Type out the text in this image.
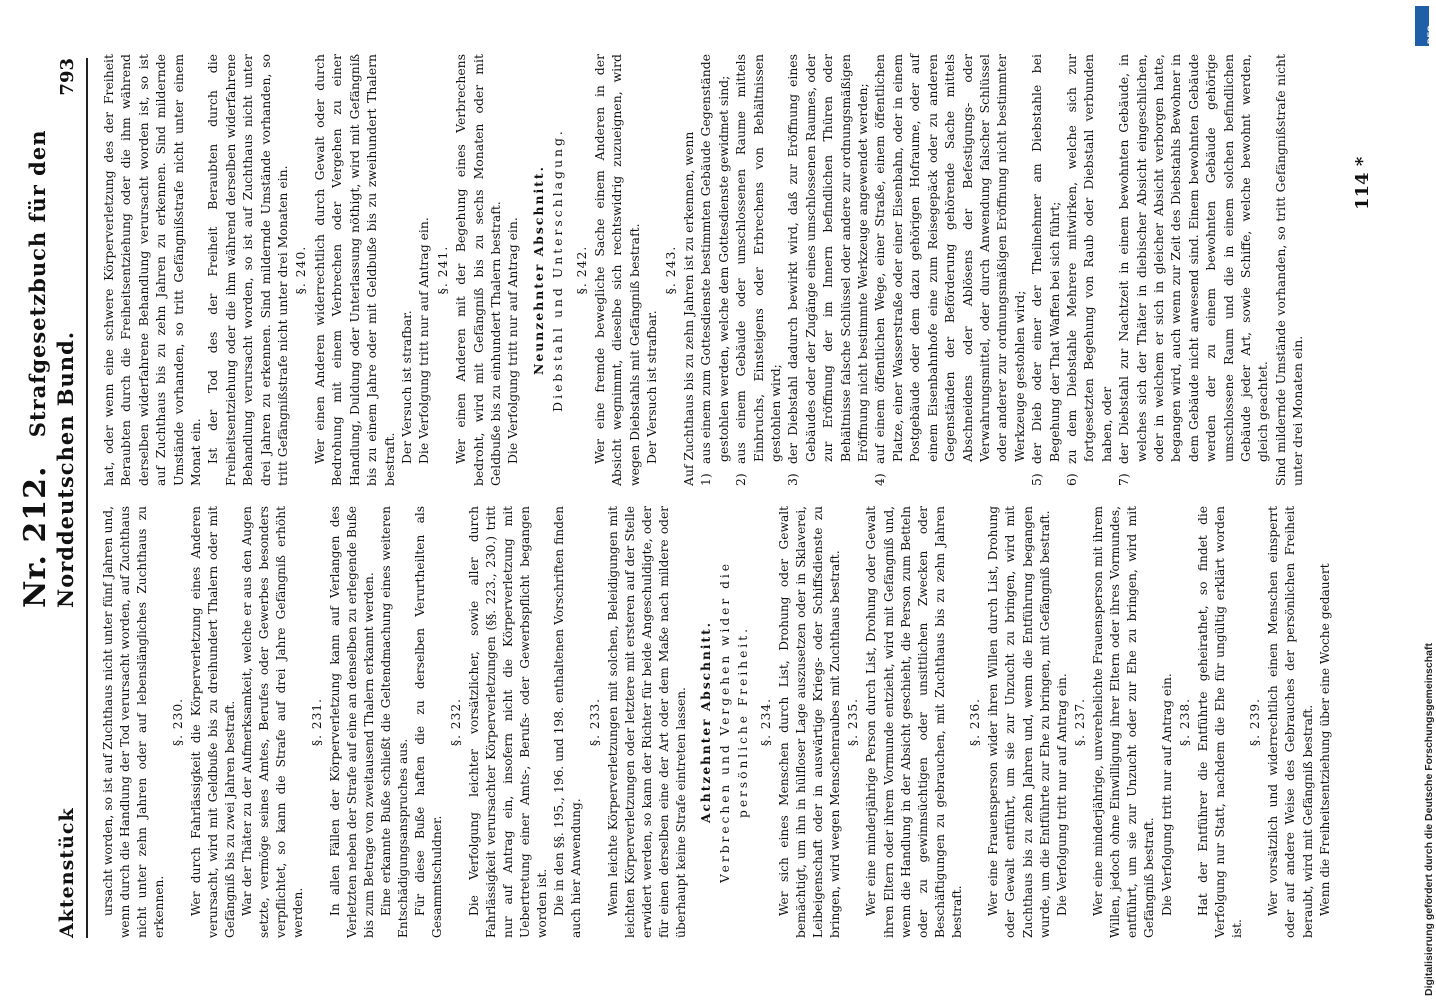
Aktenstück
Nr. 212. Strafgesetzbuch für den Norddeutschen Bund.
793

ursacht worden, so ist auf Zuchthaus nicht unter fünf Jahren und, wenn durch die Handlung der Tod verursacht worden, auf Zuchthaus nicht unter zehn Jahren oder auf lebenslängliches Zuchthaus zu erkennen.

§. 230. Wer durch Fahrlässigkeit die Körperverletzung eines Anderen verursacht, wird mit Geldbuße bis zu dreihundert Thalern oder mit Gefängniß bis zu zwei Jahren bestraft. War der Thäter zu der Aufmerksamkeit, welche er aus den Augen setzte, vermöge seines Amtes, Berufes oder Gewerbes besonders verpflichtet, so kann die Strafe auf drei Jahre Gefängniß erhöht werden.

§. 231. In allen Fällen der Körperverletzung kann auf Verlangen des Verletzten neben der Strafe auf eine an denselben zu erlegende Buße bis zum Betrage von zweitausend Thalern erkannt werden. Eine erkannte Buße schließt die Geltendmachung eines weiteren Entschädigungsanspruches aus. Für diese Buße haften die zu derselben Verurtheilten als Gesammtschuldner.

§. 232. Die Verfolgung leichter vorsätzlicher, sowie aller durch Fahrlässigkeit verursachter Körperverletzungen (§§. 223., 230.) tritt nur auf Antrag ein, insofern nicht die Körperverletzung mit Uebertretung einer Amts-, Berufs- oder Gewerbspflicht begangen worden ist. Die in den §§. 195., 196. und 198. enthaltenen Vorschriften finden auch hier Anwendung.

§. 233. Wenn leichte Körperverletzungen mit solchen, Beleidigungen mit leichten Körperverletzungen oder letztere mit ersteren auf der Stelle erwidert werden, so kann der Richter für beide Angeschuldigte, oder für einen derselben eine der Art oder dem Maße nach mildere oder überhaupt keine Strafe eintreten lassen. Achtzehnter Abschnitt. Verbrechen und Vergehen wider die persönliche Freiheit. §. 234. Wer sich eines Menschen durch List, Drohung oder Gewalt bemächtigt, um ihn in hülfloser Lage auszusetzen oder in Sklaverei, Leibeigenschaft oder in auswärtige Kriegs- oder Schiffsdienste zu bringen, wird wegen Menschenraubes mit Zuchthaus bestraft. §. 235. Wer eine minderjährige Person durch List, Drohung oder Gewalt ihren Eltern oder ihrem Vormunde entzieht, wird mit Gefängniß und, wenn die Handlung in der Absicht geschieht, die Person zum Betteln oder zu gewinnsüchtigen oder unsittlichen Zwecken oder Beschäftigungen zu gebrauchen, mit Zuchthaus bis zu zehn Jahren bestraft.

§. 236. Wer eine Frauensperson wider ihren Willen durch List, Drohung oder Gewalt entführt, um sie zur Unzucht zu bringen, wird mit Zuchthaus bis zu zehn Jahren und, wenn die Entführung begangen wurde, um die Entführte zur Ehe zu bringen, mit Gefängniß bestraft. Die Verfolgung tritt nur auf Antrag ein. §. 237. Wer eine minderjährige, unverehelichte Frauensperson mit ihrem Willen, jedoch ohne Einwilligung ihrer Eltern oder ihres Vormundes, entführt, um sie zur Unzucht oder zur Ehe zu bringen, wird mit Gefängniß bestraft. Die Verfolgung tritt nur auf Antrag ein. §. 238. Hat der Entführer die Entführte geheirathet, so findet die Verfolgung nur Statt, nachdem die Ehe für ungültig erklärt worden ist.

§. 239. Wer vorsätzlich und widerrechtlich einen Menschen einsperrt oder auf andere Weise des Gebrauches der persönlichen Freiheit beraubt, wird mit Gefängniß bestraft. Wenn die Freiheitsentziehung über eine Woche gedauert

hat, oder wenn eine schwere Körperverletzung des der Freiheit Beraubten durch die Freiheitsentziehung oder die ihm während derselben widerfahrene Behandlung verursacht worden ist, so ist auf Zuchthaus bis zu zehn Jahren zu erkennen. Sind mildernde Umstände vorhanden, so tritt Gefängnißstrafe nicht unter einem Monat ein. Ist der Tod des der Freiheit Beraubten durch die Freiheitsentziehung oder die ihm während derselben widerfahrene Behandlung verursacht worden, so ist auf Zuchthaus nicht unter drei Jahren zu erkennen. Sind mildernde Umstände vorhanden, so tritt Gefängnißstrafe nicht unter drei Monaten ein. §. 240. Wer einen Anderen widerrechtlich durch Gewalt oder durch Bedrohung mit einem Verbrechen oder Vergehen zu einer Handlung, Duldung oder Unterlassung nöthigt, wird mit Gefängniß bis zu einem Jahre oder mit Geldbuße bis zu zweihundert Thalern bestraft. Der Versuch ist strafbar. Die Verfolgung tritt nur auf Antrag ein. §. 241. Wer einen Anderen mit der Begehung eines Verbrechens bedroht, wird mit Gefängniß bis zu sechs Monaten oder mit Geldbuße bis zu einhundert Thalern bestraft. Die Verfolgung tritt nur auf Antrag ein. Neunzehnter Abschnitt. Diebstahl und Unterschlagung. §. 242. Wer eine fremde bewegliche Sache einem Anderen in der Absicht wegnimmt, dieselbe sich rechtswidrig zuzueignen, wird wegen Diebstahls mit Gefängniß bestraft. Der Versuch ist strafbar.

§. 243. Auf Zuchthaus bis zu zehn Jahren ist zu erkennen, wenn 1)aus einem zum Gottesdienste bestimmten Gebäude Gegenstände gestohlen werden, welche dem Gottesdienste gewidmet sind;

2)aus einem Gebäude oder umschlossenen Raume mittels Einbruchs, Einsteigens oder Erbrechens von Behältnissen gestohlen wird;

3)der Diebstahl dadurch bewirkt wird, daß zur Eröffnung eines Gebäudes oder der Zugänge eines umschlossenen Raumes, oder zur Eröffnung der im Innern befindlichen Thüren oder Behältnisse falsche Schlüssel oder andere zur ordnungsmäßigen Eröffnung nicht bestimmte Werkzeuge angewendet werden;

4)auf einem öffentlichen Wege, einer Straße, einem öffentlichen Platze, einer Wasserstraße oder einer Eisenbahn, oder in einem Postgebäude oder dem dazu gehörigen Hofraume, oder auf einem Eisenbahnhofe eine zum Reisegepäck oder zu anderen Gegenständen der Beförderung gehörende Sache mittels Abschneidens oder Ablösens der Befestigungs- oder Verwahrungsmittel, oder durch Anwendung falscher Schlüssel oder anderer zur ordnungsmäßigen Eröffnung nicht bestimmter Werkzeuge gestohlen wird;

5)der Dieb oder einer der Theilnehmer am Diebstahle bei Begehung der That Waffen bei sich führt;

6)zu dem Diebstahle Mehrere mitwirken, welche sich zur fortgesetzten Begehung von Raub oder Diebstahl verbunden haben, oder

7)der Diebstahl zur Nachtzeit in einem bewohnten Gebäude, in welches sich der Thäter in diebischer Absicht eingeschlichen, oder in welchem er sich in gleicher Absicht verborgen hatte, begangen wird, auch wenn zur Zeit des Diebstahls Bewohner in dem Gebäude nicht anwesend sind. Einem bewohnten Gebäude werden der zu einem bewohnten Gebäude gehörige umschlossene Raum und die in einem solchen befindlichen Gebäude jeder Art, sowie Schiffe, welche bewohnt werden, gleich geachtet. Sind mildernde Umstände vorhanden, so tritt Gefängnißstrafe nicht unter drei Monaten ein.

114 *
Digitalisierung gefördert durch die Deutsche Forschungsgemeinschaft
DFG
